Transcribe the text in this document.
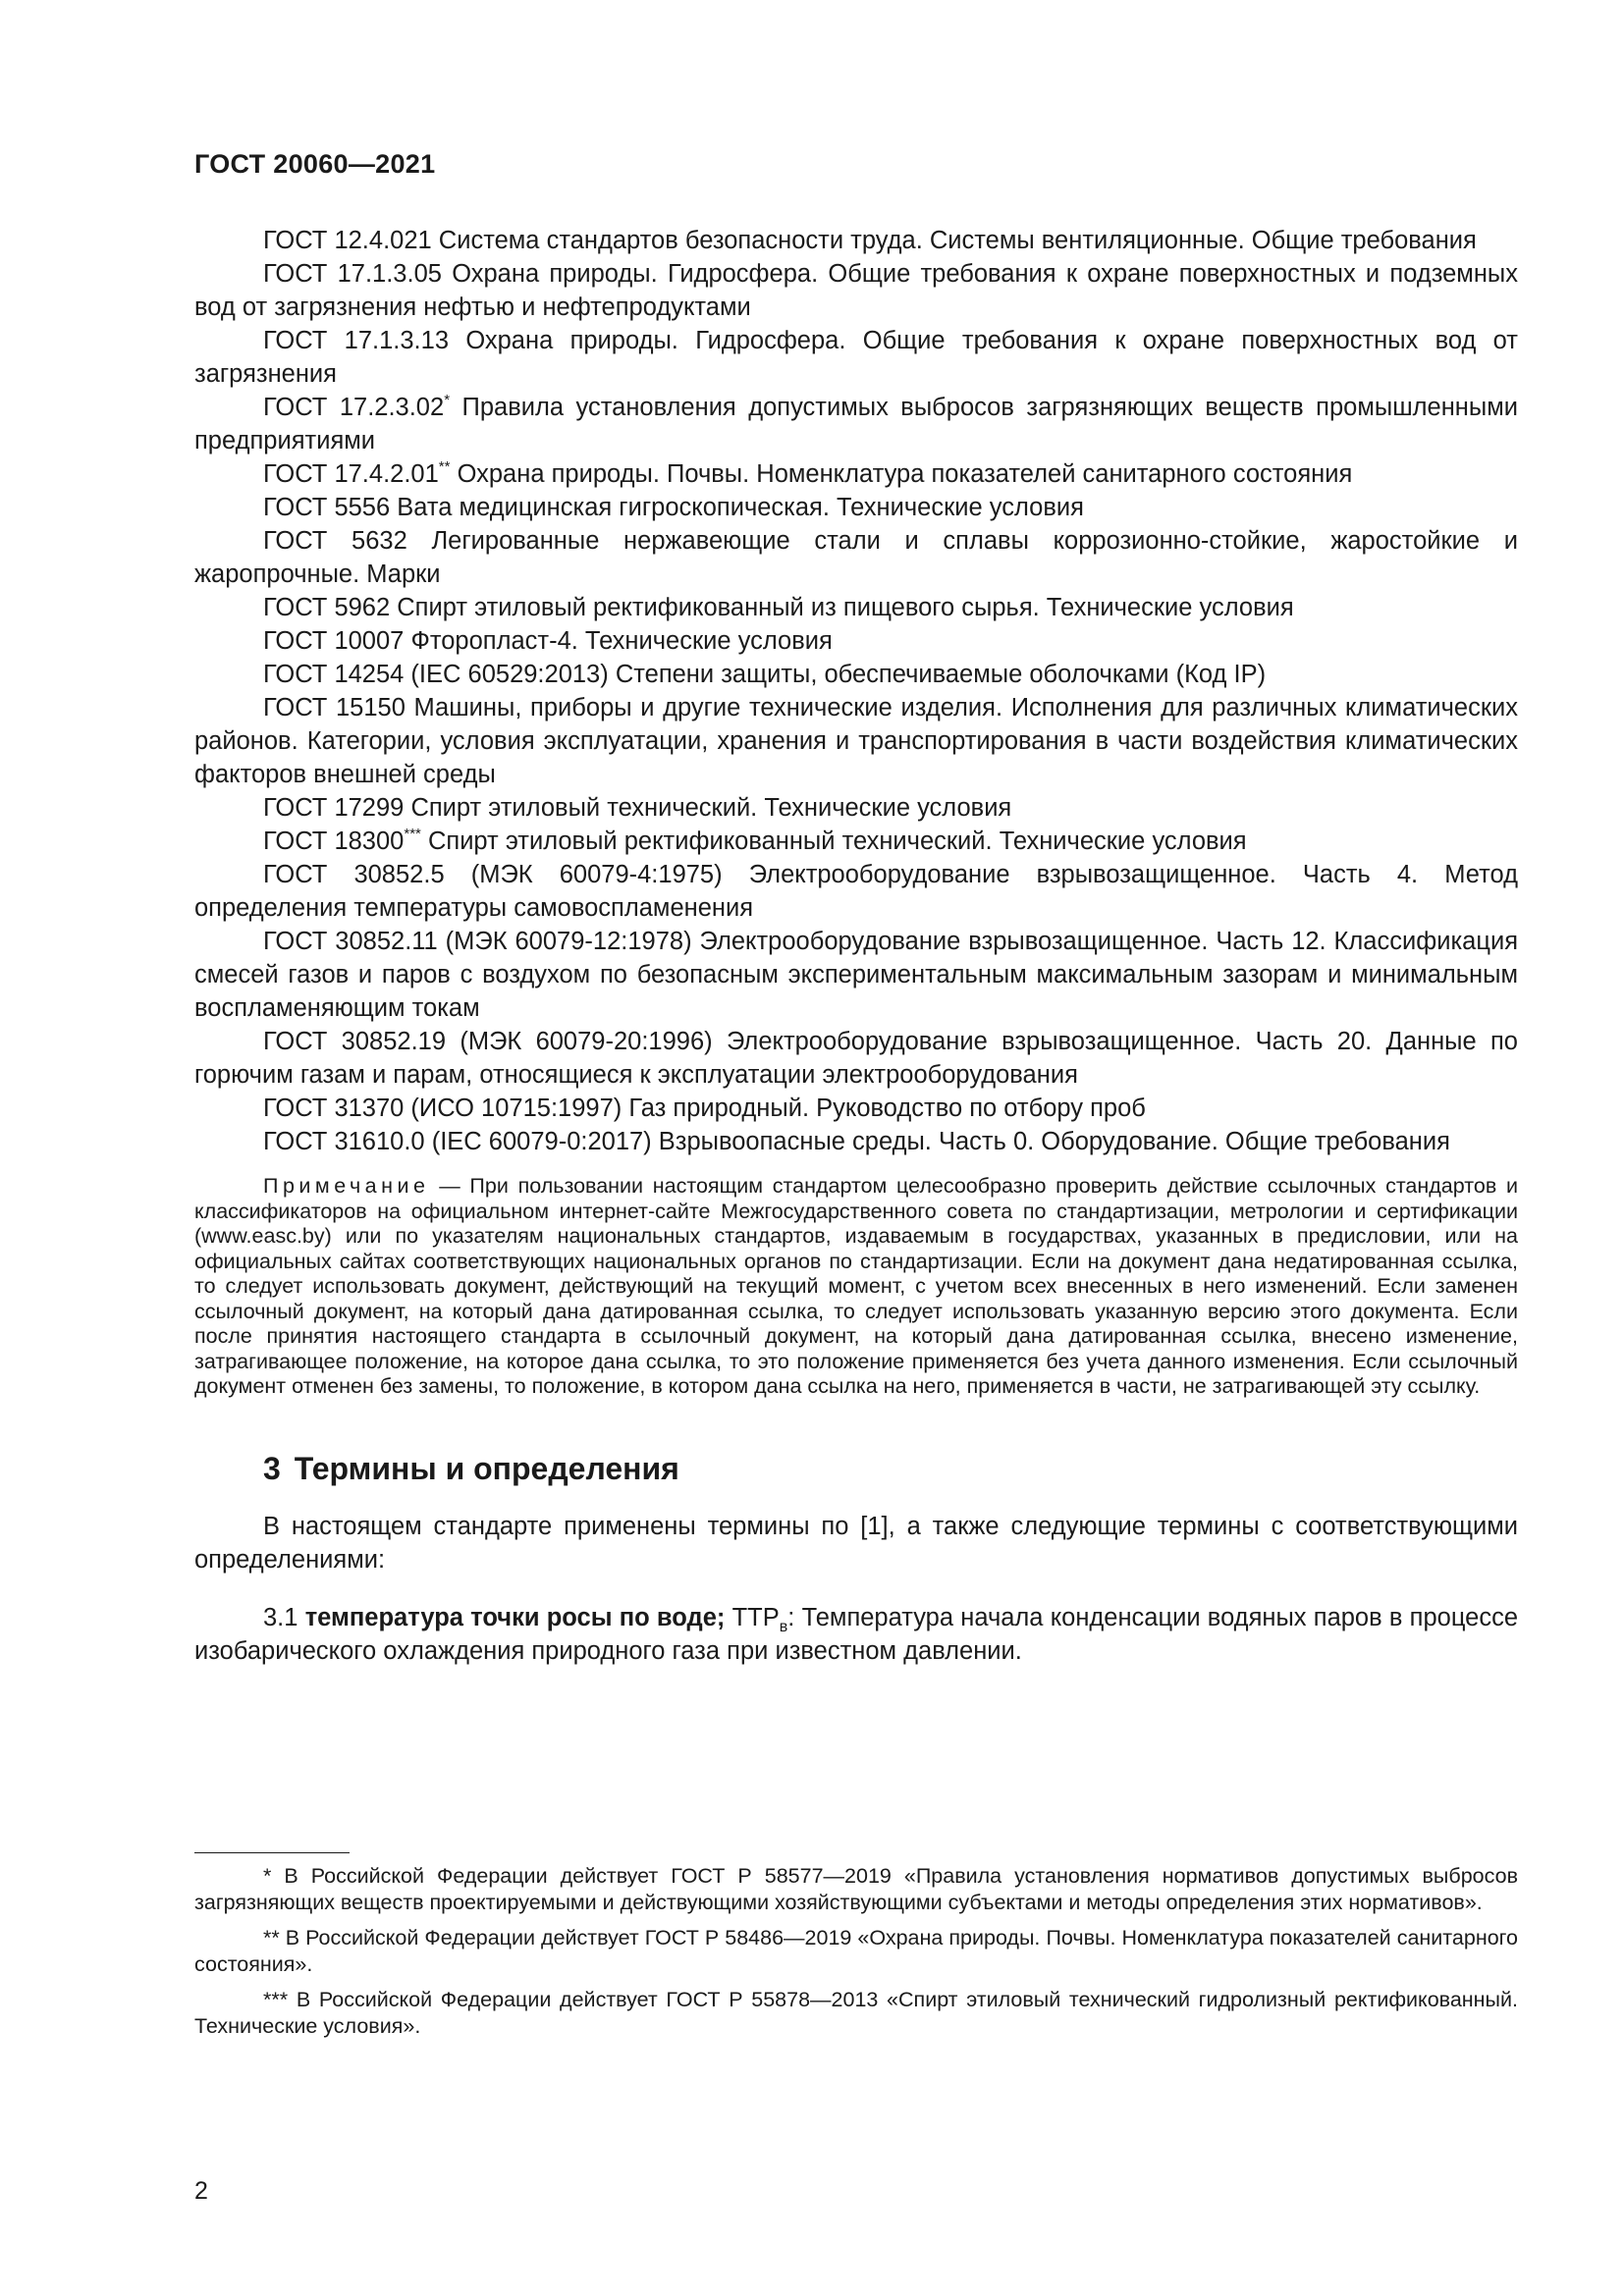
ГОСТ 20060—2021
ГОСТ 12.4.021 Система стандартов безопасности труда. Системы вентиляционные. Общие требования
ГОСТ 17.1.3.05 Охрана природы. Гидросфера. Общие требования к охране поверхностных и подземных вод от загрязнения нефтью и нефтепродуктами
ГОСТ 17.1.3.13 Охрана природы. Гидросфера. Общие требования к охране поверхностных вод от загрязнения
ГОСТ 17.2.3.02* Правила установления допустимых выбросов загрязняющих веществ промышленными предприятиями
ГОСТ 17.4.2.01** Охрана природы. Почвы. Номенклатура показателей санитарного состояния
ГОСТ 5556 Вата медицинская гигроскопическая. Технические условия
ГОСТ 5632 Легированные нержавеющие стали и сплавы коррозионно-стойкие, жаростойкие и жаропрочные. Марки
ГОСТ 5962 Спирт этиловый ректификованный из пищевого сырья. Технические условия
ГОСТ 10007 Фторопласт-4. Технические условия
ГОСТ 14254 (IEC 60529:2013) Степени защиты, обеспечиваемые оболочками (Код IP)
ГОСТ 15150 Машины, приборы и другие технические изделия. Исполнения для различных климатических районов. Категории, условия эксплуатации, хранения и транспортирования в части воздействия климатических факторов внешней среды
ГОСТ 17299 Спирт этиловый технический. Технические условия
ГОСТ 18300*** Спирт этиловый ректификованный технический. Технические условия
ГОСТ 30852.5 (МЭК 60079-4:1975) Электрооборудование взрывозащищенное. Часть 4. Метод определения температуры самовоспламенения
ГОСТ 30852.11 (МЭК 60079-12:1978) Электрооборудование взрывозащищенное. Часть 12. Классификация смесей газов и паров с воздухом по безопасным экспериментальным максимальным зазорам и минимальным воспламеняющим токам
ГОСТ 30852.19 (МЭК 60079-20:1996) Электрооборудование взрывозащищенное. Часть 20. Данные по горючим газам и парам, относящиеся к эксплуатации электрооборудования
ГОСТ 31370 (ИСО 10715:1997) Газ природный. Руководство по отбору проб
ГОСТ 31610.0 (IEC 60079-0:2017) Взрывоопасные среды. Часть 0. Оборудование. Общие требования

Примечание — При пользовании настоящим стандартом целесообразно проверить действие ссылочных стандартов и классификаторов на официальном интернет-сайте Межгосударственного совета по стандартизации, метрологии и сертификации (www.easc.by) или по указателям национальных стандартов, издаваемым в государствах, указанных в предисловии, или на официальных сайтах соответствующих национальных органов по стандартизации. Если на документ дана недатированная ссылка, то следует использовать документ, действующий на текущий момент, с учетом всех внесенных в него изменений. Если заменен ссылочный документ, на который дана датированная ссылка, то следует использовать указанную версию этого документа. Если после принятия настоящего стандарта в ссылочный документ, на который дана датированная ссылка, внесено изменение, затрагивающее положение, на которое дана ссылка, то это положение применяется без учета данного изменения. Если ссылочный документ отменен без замены, то положение, в котором дана ссылка на него, применяется в части, не затрагивающей эту ссылку.

3 Термины и определения

В настоящем стандарте применены термины по [1], а также следующие термины с соответствующими определениями:

3.1 температура точки росы по воде; $ТТР_в$: Температура начала конденсации водяных паров в процессе изобарического охлаждения природного газа при известном давлении.

* В Российской Федерации действует ГОСТ Р 58577—2019 «Правила установления нормативов допустимых выбросов загрязняющих веществ проектируемыми и действующими хозяйствующими субъектами и методы определения этих нормативов».

** В Российской Федерации действует ГОСТ Р 58486—2019 «Охрана природы. Почвы. Номенклатура показателей санитарного состояния».

*** В Российской Федерации действует ГОСТ Р 55878—2013 «Спирт этиловый технический гидролизный ректификованный. Технические условия».

2
